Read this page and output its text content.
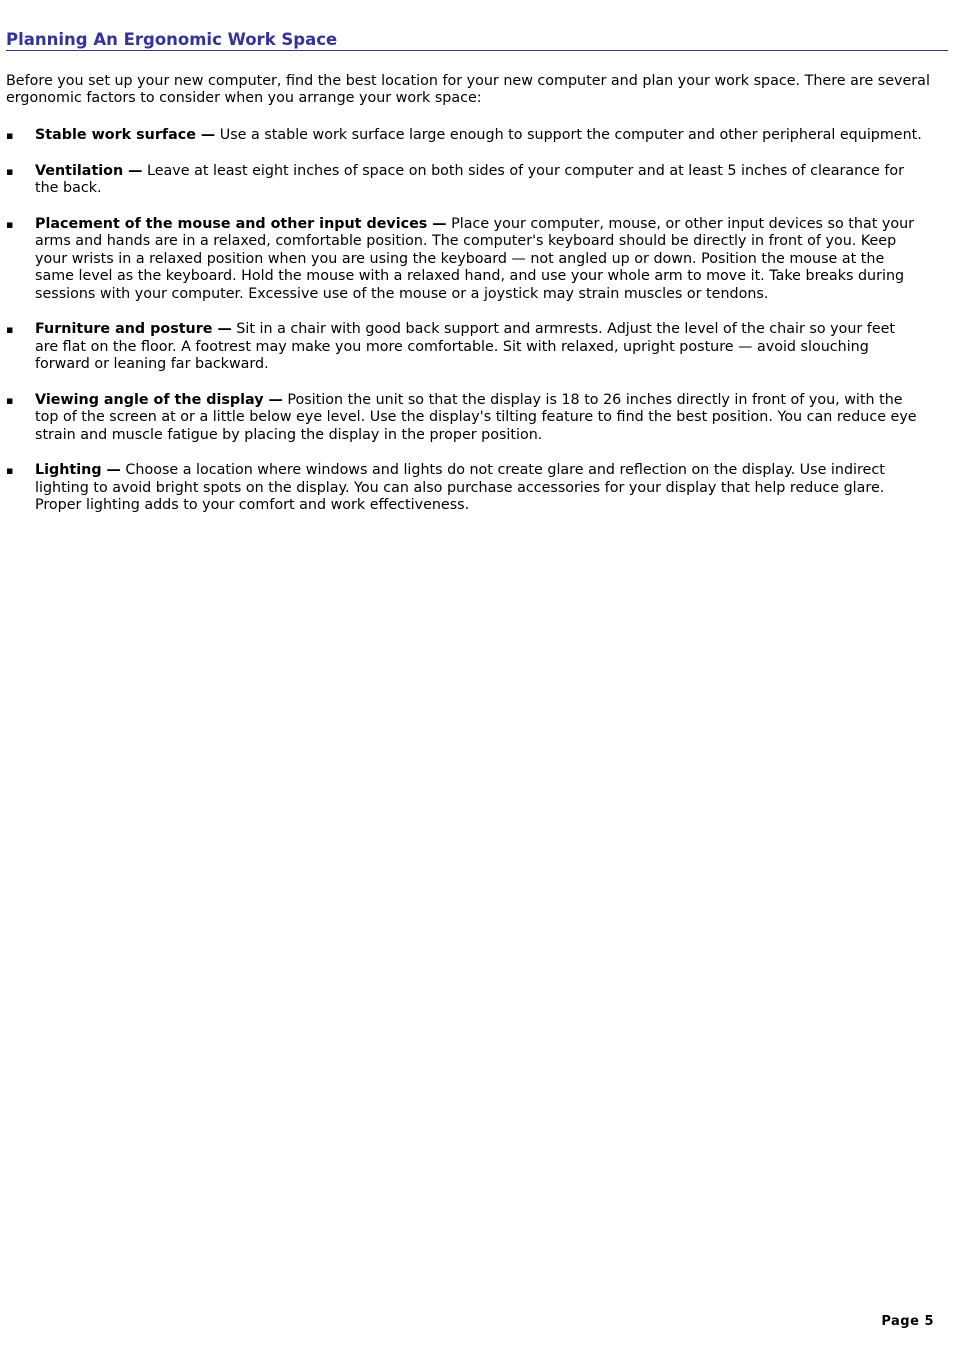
Planning An Ergonomic Work Space

Before you set up your new computer, find the best location for your new computer and plan your work space. There are several ergonomic factors to consider when you arrange your work space:

▪ Stable work surface — Use a stable work surface large enough to support the computer and other peripheral equipment.
▪ Ventilation — Leave at least eight inches of space on both sides of your computer and at least 5 inches of clearance for the back.
▪ Placement of the mouse and other input devices — Place your computer, mouse, or other input devices so that your arms and hands are in a relaxed, comfortable position. The computer's keyboard should be directly in front of you. Keep your wrists in a relaxed position when you are using the keyboard — not angled up or down. Position the mouse at the same level as the keyboard. Hold the mouse with a relaxed hand, and use your whole arm to move it. Take breaks during sessions with your computer. Excessive use of the mouse or a joystick may strain muscles or tendons.
▪ Furniture and posture — Sit in a chair with good back support and armrests. Adjust the level of the chair so your feet are flat on the floor. A footrest may make you more comfortable. Sit with relaxed, upright posture — avoid slouching forward or leaning far backward.
▪ Viewing angle of the display — Position the unit so that the display is 18 to 26 inches directly in front of you, with the top of the screen at or a little below eye level. Use the display's tilting feature to find the best position. You can reduce eye strain and muscle fatigue by placing the display in the proper position.
▪ Lighting — Choose a location where windows and lights do not create glare and reflection on the display. Use indirect lighting to avoid bright spots on the display. You can also purchase accessories for your display that help reduce glare. Proper lighting adds to your comfort and work effectiveness.
Page 5
